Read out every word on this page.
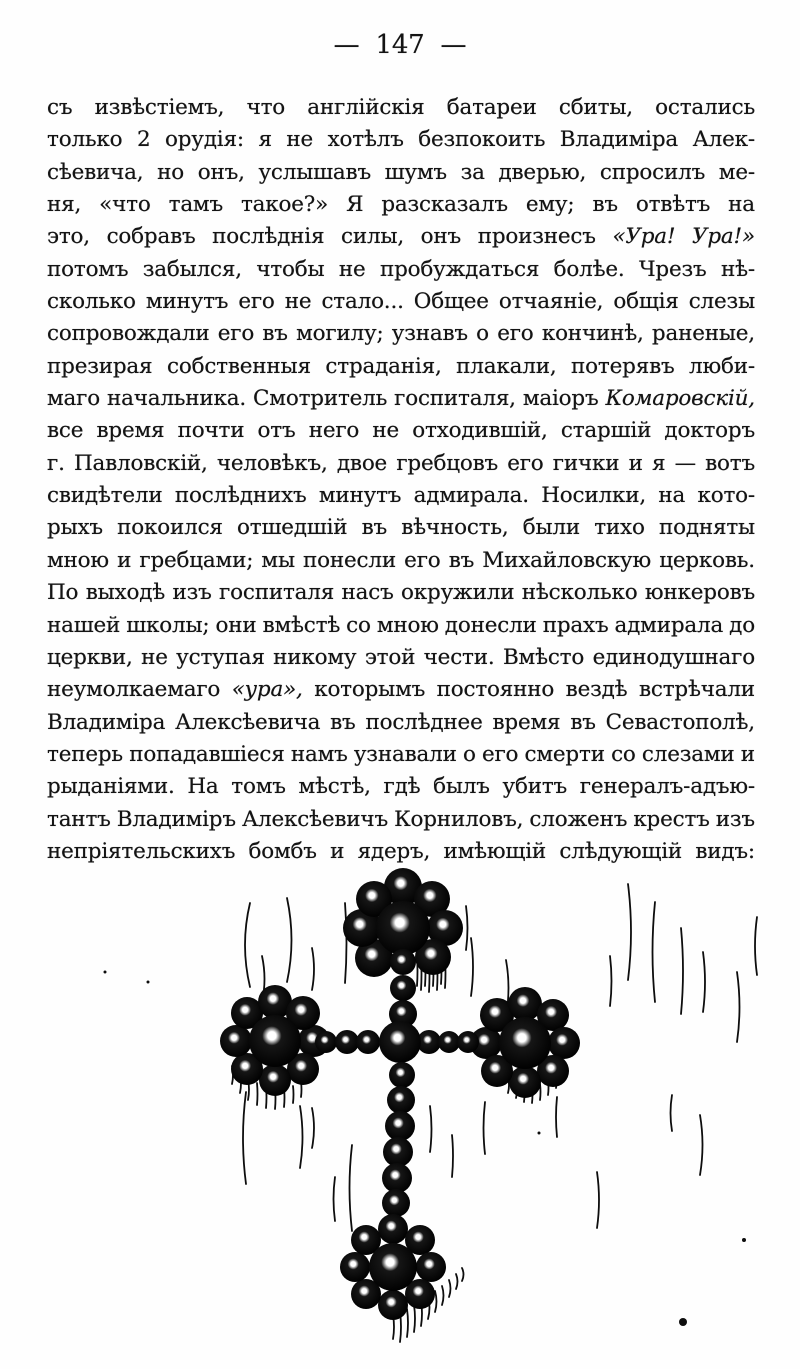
— 147 —
съ извѣстіемъ, что англійскія батареи сбиты, остались
только 2 орудія: я не хотѣлъ безпокоить Владиміра Алек-
сѣевича, но онъ, услышавъ шумъ за дверью, спросилъ ме-
ня, «что тамъ такое?» Я разсказалъ ему; въ отвѣтъ на
это, собравъ послѣднія силы, онъ произнесъ «Ура! Ура!»
потомъ забылся, чтобы не пробуждаться болѣе. Чрезъ нѣ-
сколько минутъ его не стало... Общее отчаяніе, общія слезы
сопровождали его въ могилу; узнавъ о его кончинѣ, раненые,
презирая собственныя страданія, плакали, потерявъ люби-
маго начальника. Смотритель госпиталя, маіоръ Комаровскій,
все время почти отъ него не отходившій, старшій докторъ
г. Павловскій, человѣкъ, двое гребцовъ его гички и я — вотъ
свидѣтели послѣднихъ минутъ адмирала. Носилки, на кото-
рыхъ покоился отшедшій въ вѣчность, были тихо подняты
мною и гребцами; мы понесли его въ Михайловскую церковь.
По выходѣ изъ госпиталя насъ окружили нѣсколько юнкеровъ
нашей школы; они вмѣстѣ со мною донесли прахъ адмирала до
церкви, не уступая никому этой чести. Вмѣсто единодушнаго
неумолкаемаго «ура», которымъ постоянно вездѣ встрѣчали
Владиміра Алексѣевича въ послѣднее время въ Севастополѣ,
теперь попадавшіеся намъ узнавали о его смерти со слезами и
рыданіями. На томъ мѣстѣ, гдѣ былъ убитъ генералъ-адъю-
тантъ Владиміръ Алексѣевичъ Корниловъ, сложенъ крестъ изъ
непріятельскихъ бомбъ и ядеръ, имѣющій слѣдующій видъ:
